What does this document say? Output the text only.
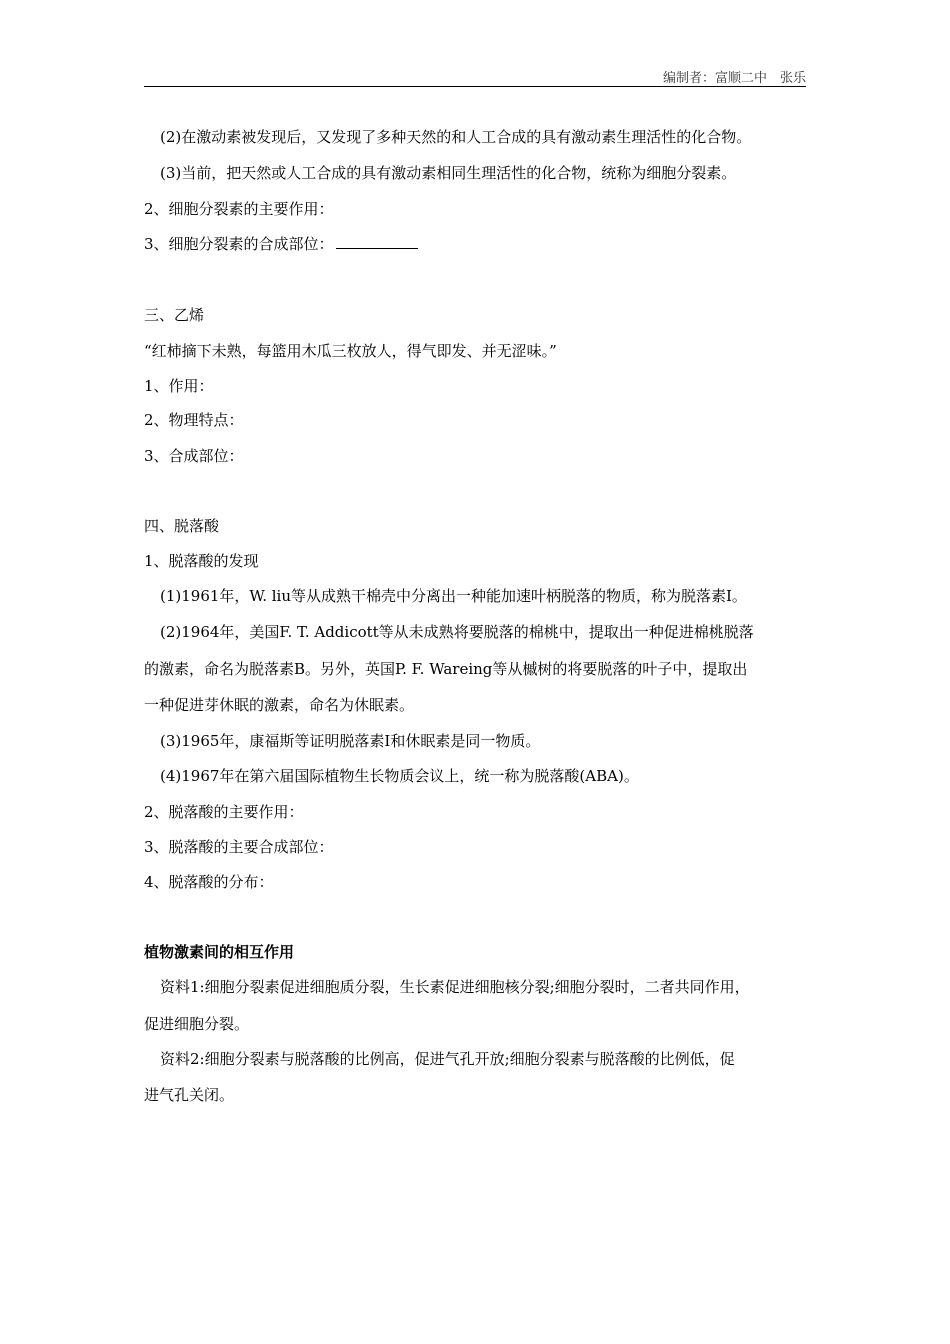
编制者：富顺二中　张乐
(2)在激动素被发现后，又发现了多种天然的和人工合成的具有激动素生理活性的化合物。
(3)当前，把天然或人工合成的具有激动素相同生理活性的化合物，统称为细胞分裂素。
2、细胞分裂素的主要作用：
3、细胞分裂素的合成部位：
三、乙烯
“红柿摘下未熟，每篮用木瓜三枚放人，得气即发、并无涩味。”
1、作用：
2、物理特点：
3、合成部位：
四、脱落酸
1、脱落酸的发现
(1)1961年，W. liu等从成熟干棉壳中分离出一种能加速叶柄脱落的物质，称为脱落素Ⅰ。
(2)1964年，美国F. T. Addicott等从未成熟将要脱落的棉桃中，提取出一种促进棉桃脱落
的激素，命名为脱落素B。另外，英国P. F. Wareing等从槭树的将要脱落的叶子中，提取出
一种促进芽休眠的激素，命名为休眠素。
(3)1965年，康福斯等证明脱落素Ⅰ和休眠素是同一物质。
(4)1967年在第六届国际植物生长物质会议上，统一称为脱落酸(ABA)。
2、脱落酸的主要作用：
3、脱落酸的主要合成部位：
4、脱落酸的分布：
植物激素间的相互作用
资料1:细胞分裂素促进细胞质分裂，生长素促进细胞核分裂;细胞分裂时，二者共同作用，
促进细胞分裂。
资料2:细胞分裂素与脱落酸的比例高，促进气孔开放;细胞分裂素与脱落酸的比例低，促
进气孔关闭。
